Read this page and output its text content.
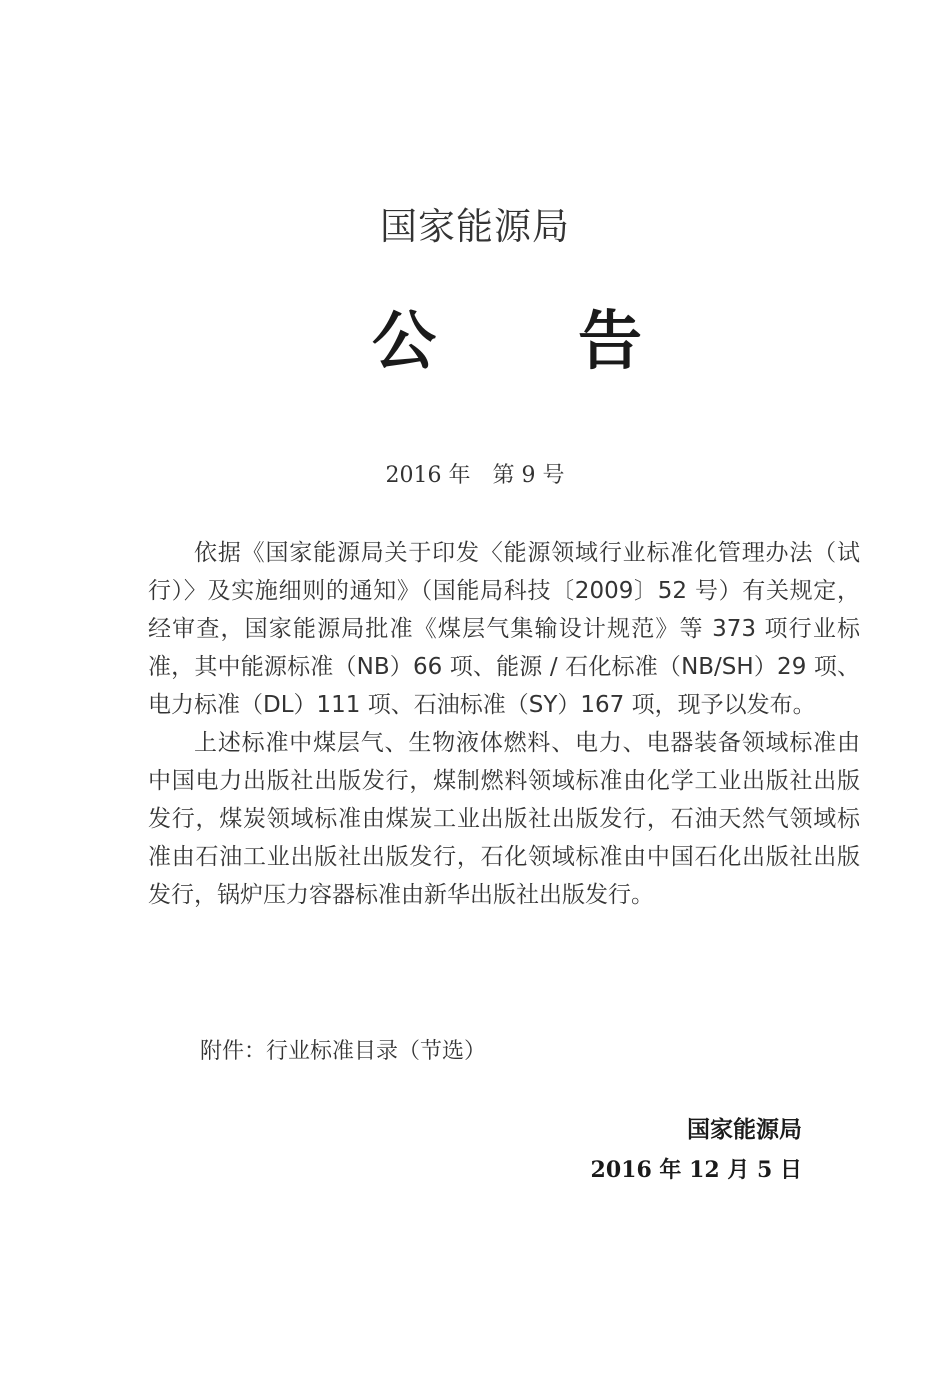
国家能源局
公 告
2016 年　第 9 号

依据《国家能源局关于印发〈能源领域行业标准化管理办法（试行）〉及实施细则的通知》（国能局科技〔2009〕52 号）有关规定，经审查，国家能源局批准《煤层气集输设计规范》等 373 项行业标准，其中能源标准（NB）66 项、能源 / 石化标准（NB/SH）29 项、电力标准（DL）111 项、石油标准（SY）167 项，现予以发布。

上述标准中煤层气、生物液体燃料、电力、电器装备领域标准由中国电力出版社出版发行，煤制燃料领域标准由化学工业出版社出版发行，煤炭领域标准由煤炭工业出版社出版发行，石油天然气领域标准由石油工业出版社出版发行，石化领域标准由中国石化出版社出版发行，锅炉压力容器标准由新华出版社出版发行。

附件：行业标准目录（节选）
国家能源局
2016 年 12 月 5 日
